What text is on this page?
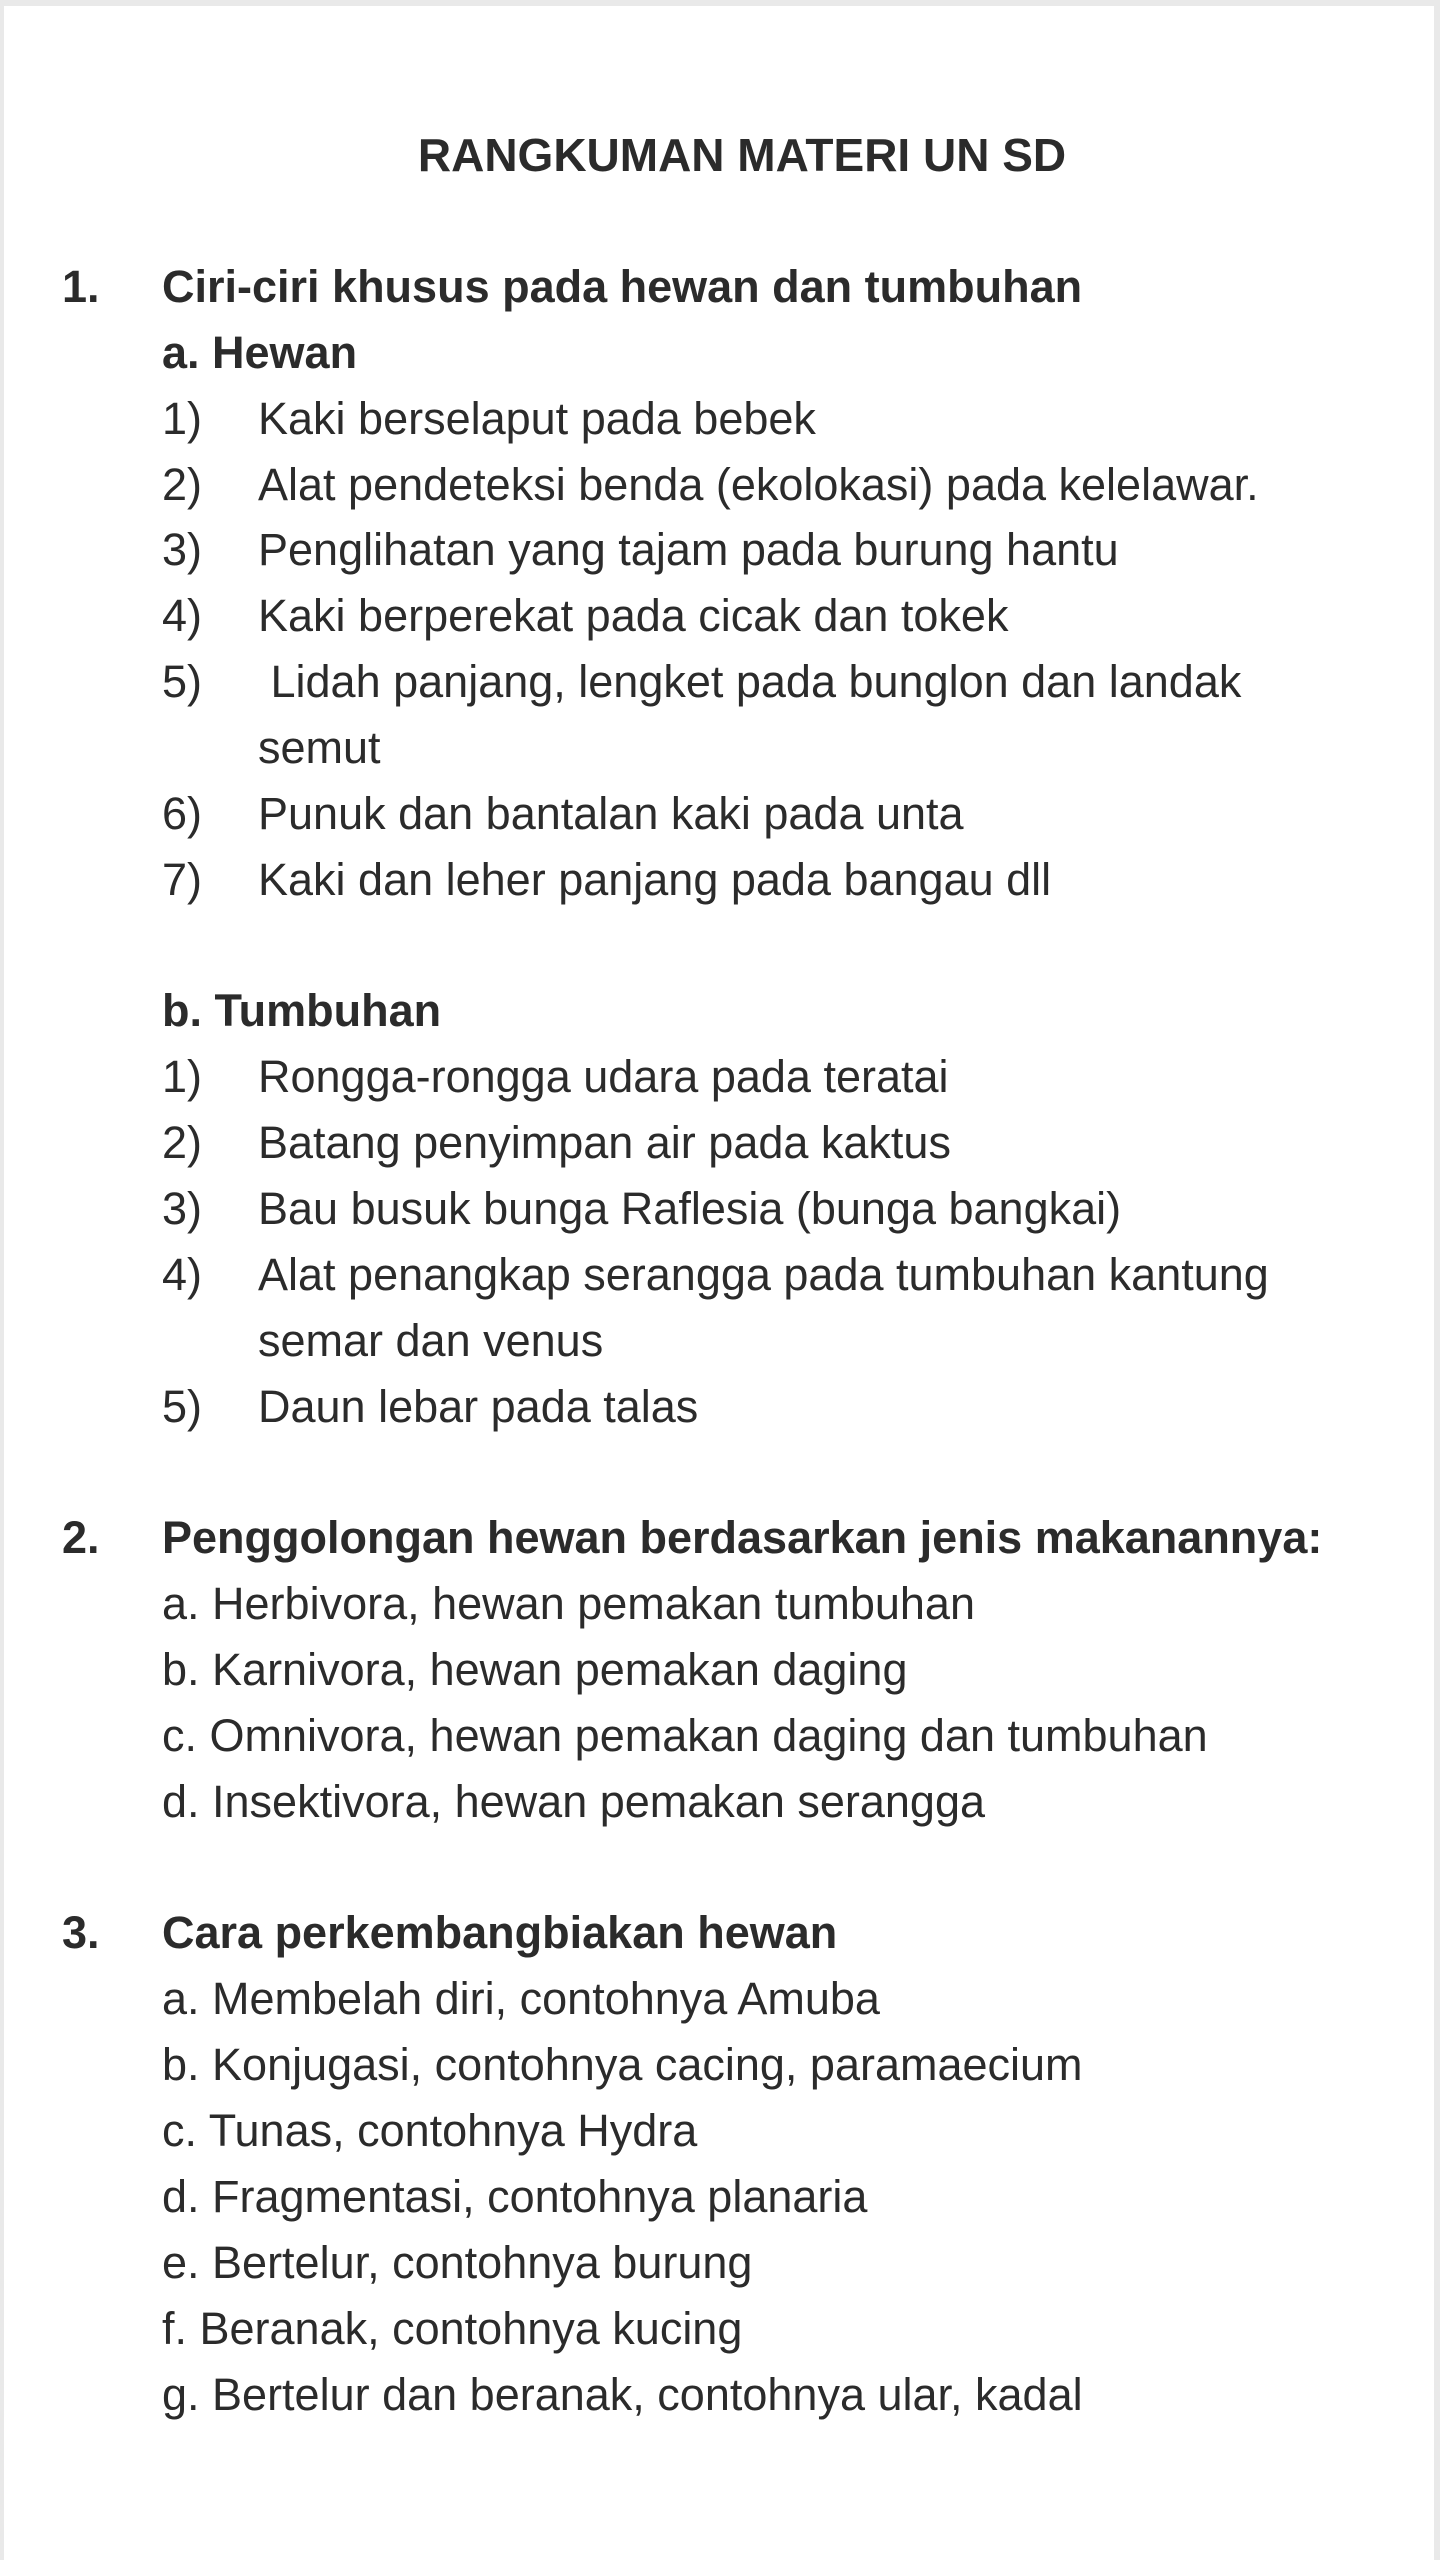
RANGKUMAN MATERI UN SD
1. Ciri-ciri khusus pada hewan dan tumbuhan
a. Hewan
1) Kaki berselaput pada bebek
2) Alat pendeteksi benda (ekolokasi) pada kelelawar.
3) Penglihatan yang tajam pada burung hantu
4) Kaki berperekat pada cicak dan tokek
5) Lidah panjang, lengket pada bunglon dan landak
semut
6) Punuk dan bantalan kaki pada unta
7) Kaki dan leher panjang pada bangau dll
b. Tumbuhan
1) Rongga-rongga udara pada teratai
2) Batang penyimpan air pada kaktus
3) Bau busuk bunga Raflesia (bunga bangkai)
4) Alat penangkap serangga pada tumbuhan kantung
semar dan venus
5) Daun lebar pada talas
2. Penggolongan hewan berdasarkan jenis makanannya:
a. Herbivora, hewan pemakan tumbuhan
b. Karnivora, hewan pemakan daging
c. Omnivora, hewan pemakan daging dan tumbuhan
d. Insektivora, hewan pemakan serangga
3. Cara perkembangbiakan hewan
a. Membelah diri, contohnya Amuba
b. Konjugasi, contohnya cacing, paramaecium
c. Tunas, contohnya Hydra
d. Fragmentasi, contohnya planaria
e. Bertelur, contohnya burung
f. Beranak, contohnya kucing
g. Bertelur dan beranak, contohnya ular, kadal
